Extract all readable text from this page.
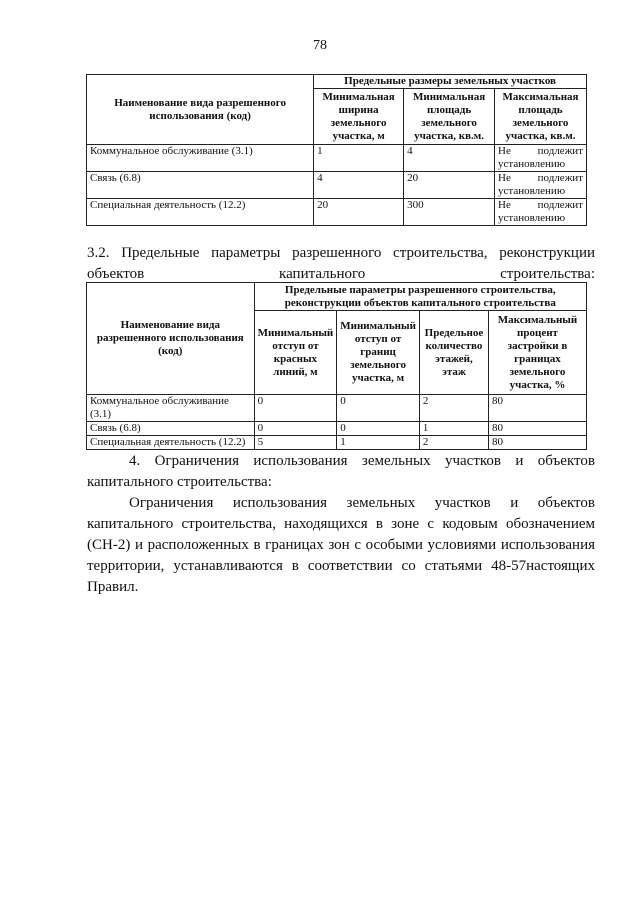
78
Наименование вида разрешенного использования (код)	Предельные размеры земельных участков		
	Минимальная ширина земельного участка, м	Минимальная площадь земельного участка, кв.м.	Максимальная площадь земельного участка, кв.м.
Коммунальное обслуживание (3.1)	1	4	Не подлежит установлению
Связь (6.8)	4	20	Не подлежит установлению
Специальная деятельность (12.2)	20	300	Не подлежит установлению
3.2. Предельные параметры разрешенного строительства, реконструкции объектов капитального строительства:
Наименование вида разрешенного использования (код)	Предельные параметры разрешенного строительства, реконструкции объектов капитального строительства			
	Минимальный отступ от красных линий, м	Минимальный отступ от границ земельного участка, м	Предельное количество этажей, этаж	Максимальный процент застройки в границах земельного участка, %
Коммунальное обслуживание (3.1)	0	0	2	80
Связь (6.8)	0	0	1	80
Специальная деятельность (12.2)	5	1	2	80
4. Ограничения использования земельных участков и объектов капитального строительства:
Ограничения использования земельных участков и объектов капитального строительства, находящихся в зоне с кодовым обозначением (СН-2) и расположенных в границах зон с особыми условиями использования территории, устанавливаются в соответствии со статьями 48-57настоящих Правил.
